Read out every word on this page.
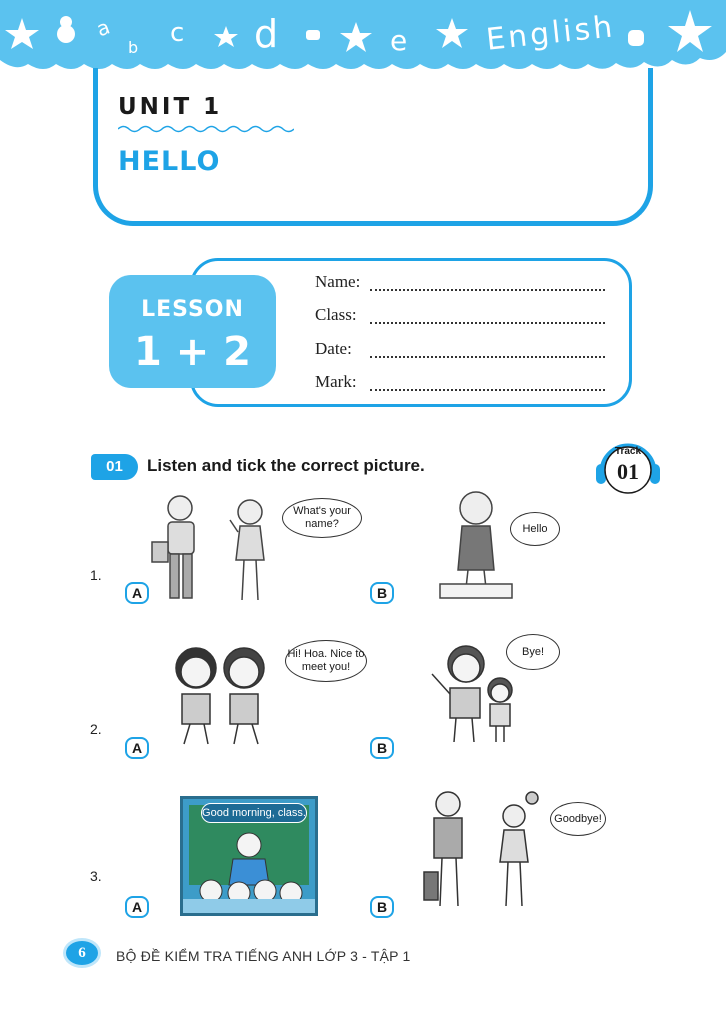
a
b c d	e	English
UNIT 1
HELLO
LESSON
1 + 2
Name:
Class:
Date:
Mark:
01	Listen and tick the correct picture.
Track
01
1.
What's your name?
A
Hello
B
2.
Hi! Hoa. Nice to meet you!
A
Bye!
B
3.
Good morning, class.
A
Goodbye!
B
6	BỘ ĐỀ KIỂM TRA TIẾNG ANH LỚP 3 - TẬP 1
